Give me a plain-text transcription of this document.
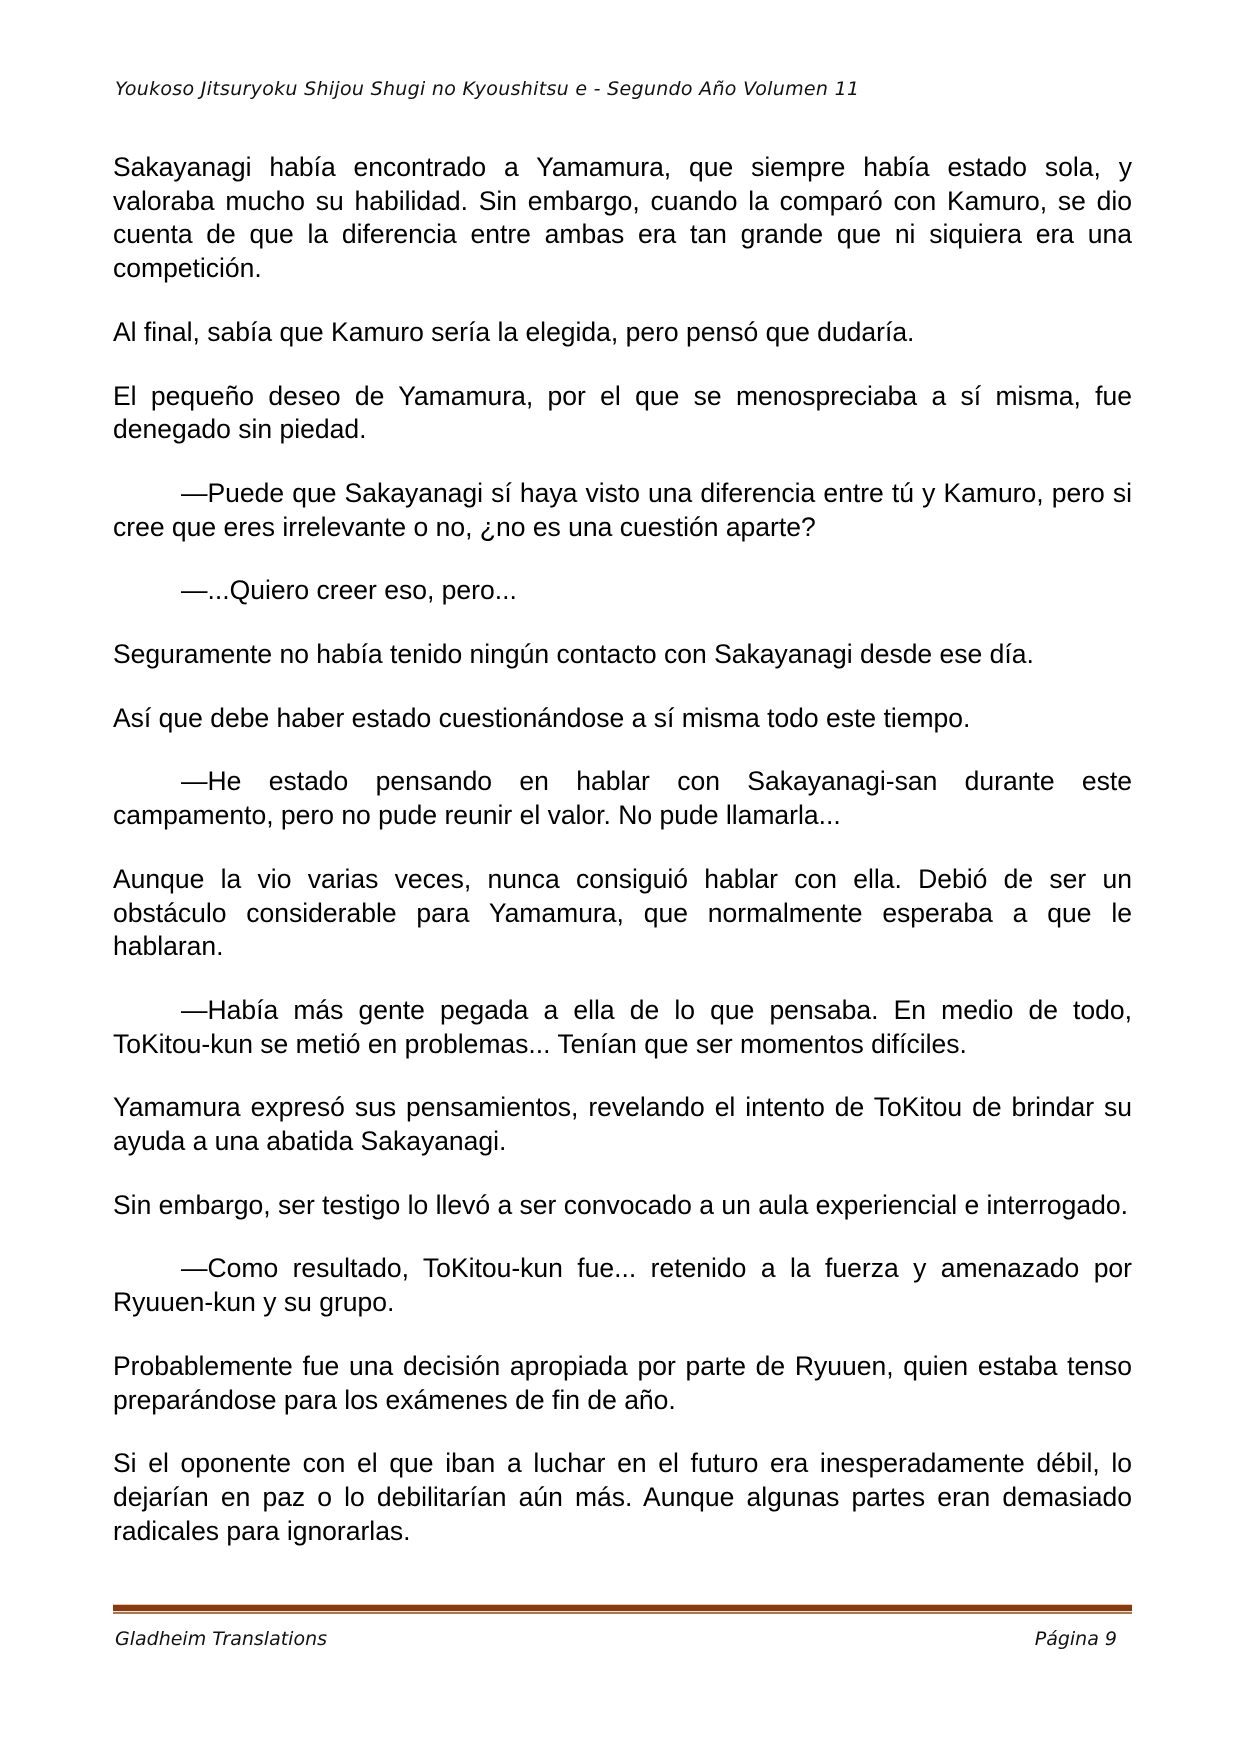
Youkoso Jitsuryoku Shijou Shugi no Kyoushitsu e - Segundo Año Volumen 11

Sakayanagi había encontrado a Yamamura, que siempre había estado sola, y valoraba mucho su habilidad. Sin embargo, cuando la comparó con Kamuro, se dio cuenta de que la diferencia entre ambas era tan grande que ni siquiera era una competición.

Al final, sabía que Kamuro sería la elegida, pero pensó que dudaría.

El pequeño deseo de Yamamura, por el que se menospreciaba a sí misma, fue denegado sin piedad.

—Puede que Sakayanagi sí haya visto una diferencia entre tú y Kamuro, pero si cree que eres irrelevante o no, ¿no es una cuestión aparte?

—...Quiero creer eso, pero...

Seguramente no había tenido ningún contacto con Sakayanagi desde ese día.

Así que debe haber estado cuestionándose a sí misma todo este tiempo.

—He estado pensando en hablar con Sakayanagi-san durante este campamento, pero no pude reunir el valor. No pude llamarla...

Aunque la vio varias veces, nunca consiguió hablar con ella. Debió de ser un obstáculo considerable para Yamamura, que normalmente esperaba a que le hablaran.

—Había más gente pegada a ella de lo que pensaba. En medio de todo, ToKitou-kun se metió en problemas... Tenían que ser momentos difíciles.

Yamamura expresó sus pensamientos, revelando el intento de ToKitou de brindar su ayuda a una abatida Sakayanagi.

Sin embargo, ser testigo lo llevó a ser convocado a un aula experiencial e interrogado.

—Como resultado, ToKitou-kun fue... retenido a la fuerza y amenazado por Ryuuen-kun y su grupo.

Probablemente fue una decisión apropiada por parte de Ryuuen, quien estaba tenso preparándose para los exámenes de fin de año.

Si el oponente con el que iban a luchar en el futuro era inesperadamente débil, lo dejarían en paz o lo debilitarían aún más. Aunque algunas partes eran demasiado radicales para ignorarlas.

Gladheim Translations	Página 9
